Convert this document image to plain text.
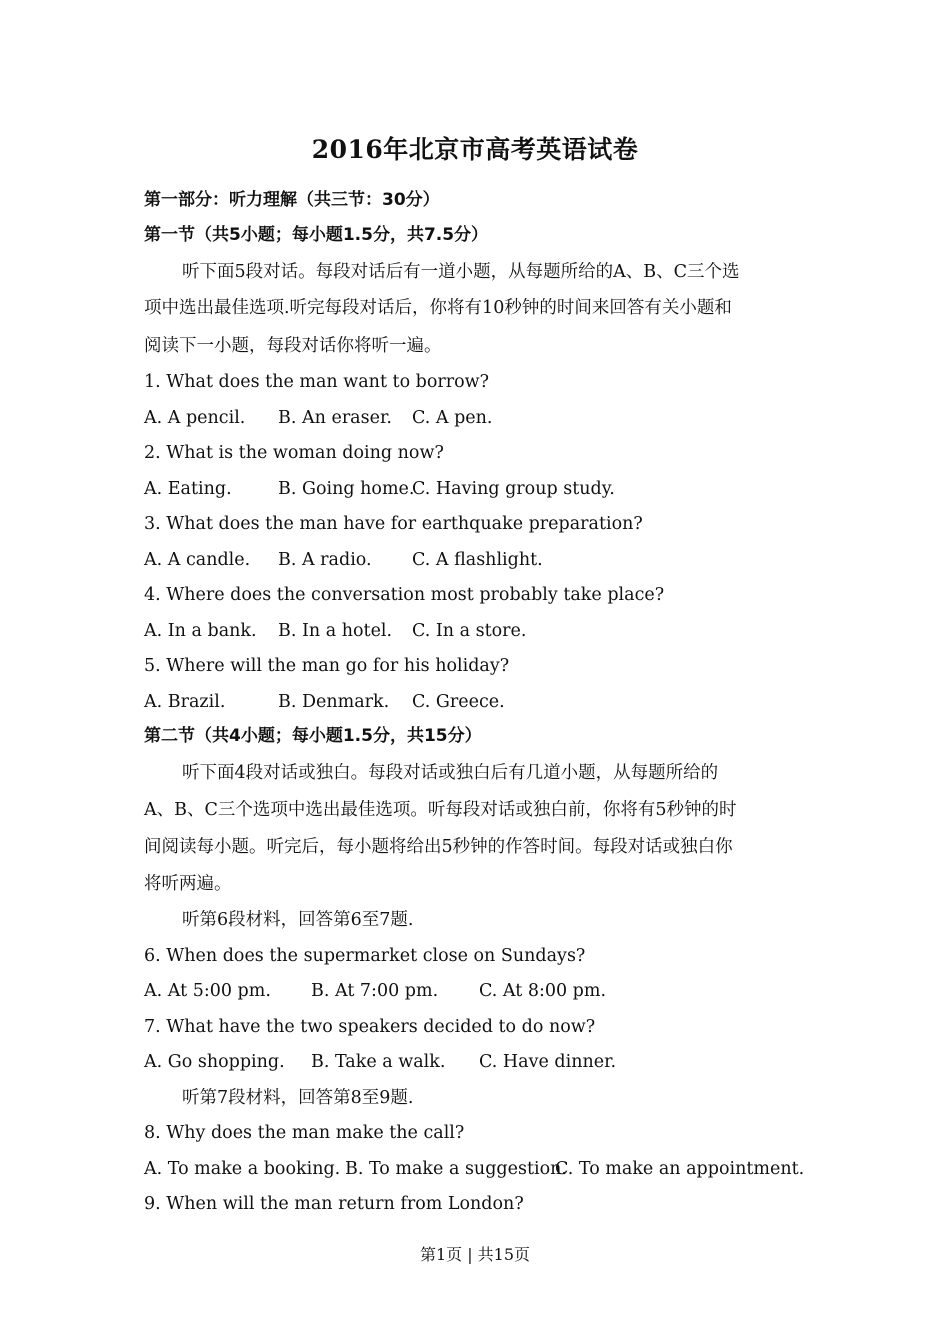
2016年北京市高考英语试卷
第一部分：听力理解（共三节：30分）
第一节（共5小题；每小题1.5分，共7.5分）
听下面5段对话。每段对话后有一道小题，从每题所给的A、B、C三个选
项中选出最佳选项.听完每段对话后，你将有10秒钟的时间来回答有关小题和
阅读下一小题，每段对话你将听一遍。
1. What does the man want to borrow?
A. A pencil.	B. An eraser.	C. A pen.
2. What is the woman doing now?
A. Eating.	B. Going home.
C. Having group study.
3. What does the man have for earthquake preparation?
A. A candle.	B. A radio.	C. A flashlight.
4. Where does the conversation most probably take place?
A. In a bank.	B. In a hotel.	C. In a store.
5. Where will the man go for his holiday?
A. Brazil.	B. Denmark.	C. Greece.
第二节（共4小题；每小题1.5分，共15分）
听下面4段对话或独白。每段对话或独白后有几道小题，从每题所给的
A、B、C三个选项中选出最佳选项。听每段对话或独白前，你将有5秒钟的时
间阅读每小题。听完后，每小题将给出5秒钟的作答时间。每段对话或独白你
将听两遍。
听第6段材料，回答第6至7题.
6. When does the supermarket close on Sundays?
A. At 5:00 pm.	B. At 7:00 pm.	C. At 8:00 pm.
7. What have the two speakers decided to do now?
A. Go shopping.	B. Take a walk.	C. Have dinner.
听第7段材料，回答第8至9题.
8. Why does the man make the call?
A. To make a booking. B. To make a suggestion.
C. To make an appointment.
9. When will the man return from London?
第1页 | 共15页
